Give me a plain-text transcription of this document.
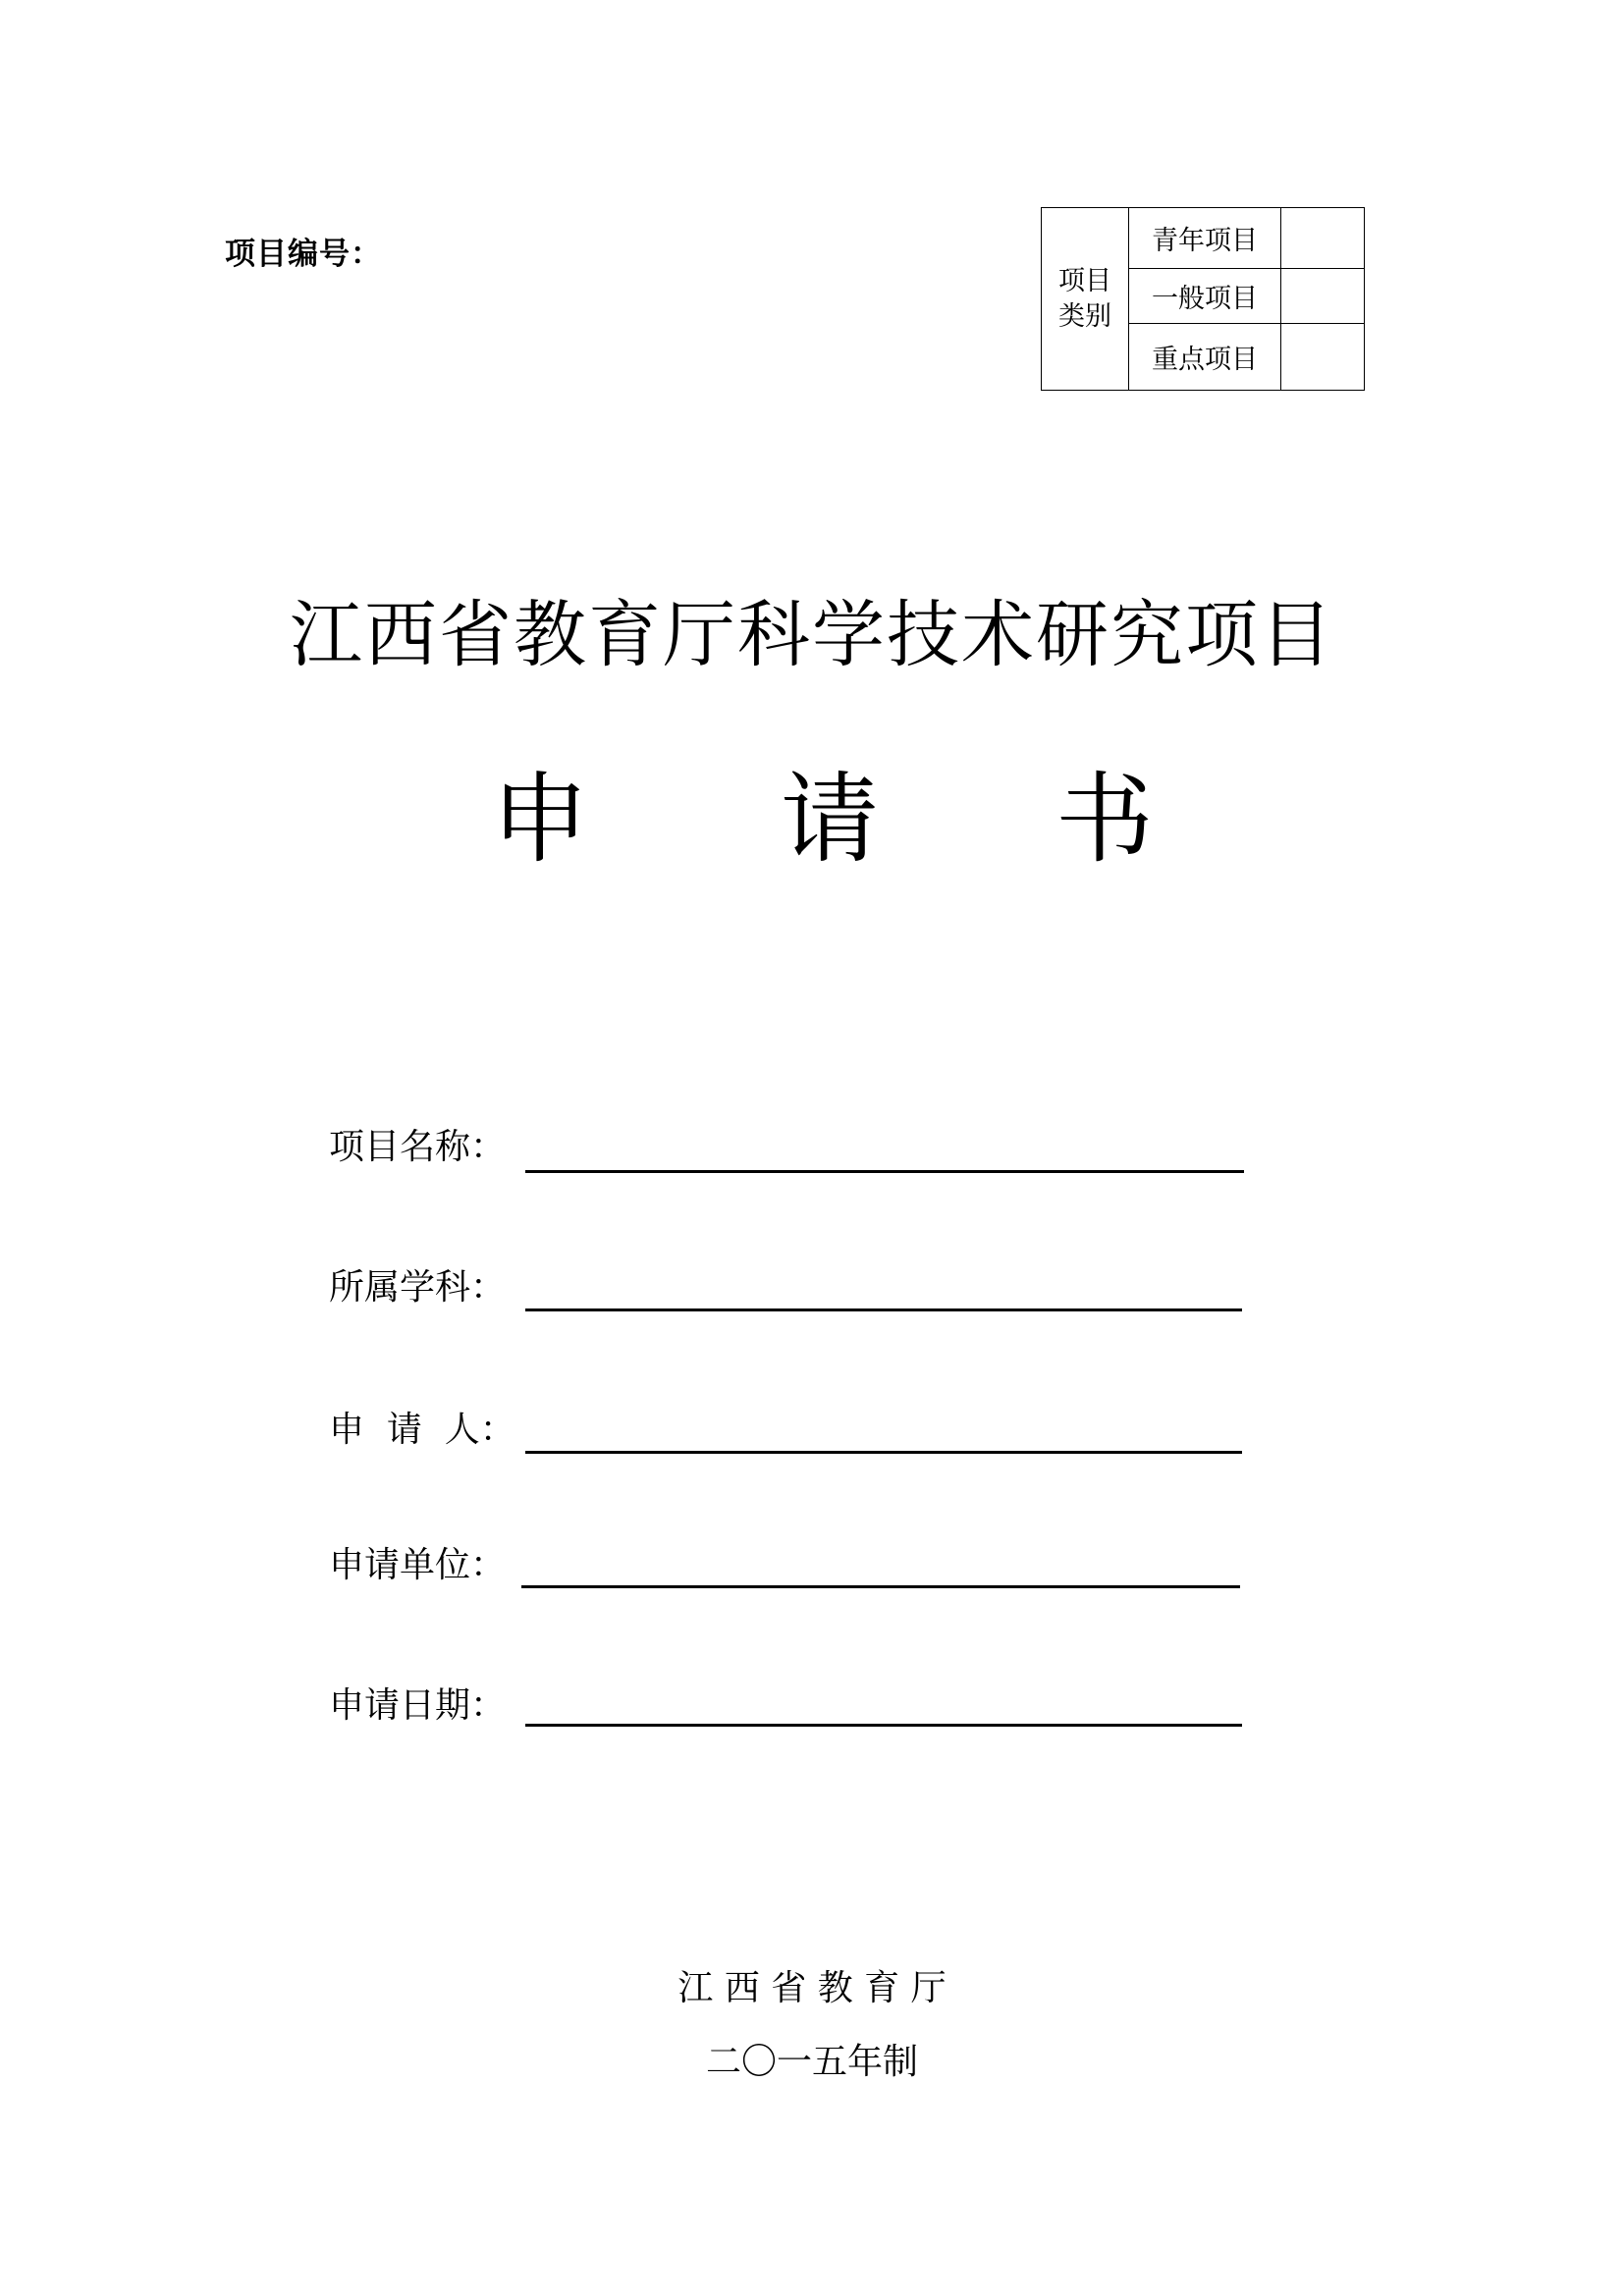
项目编号：
项目
类别	青年项目	
	一般项目	
	重点项目	
江西省教育厅科学技术研究项目
申 请 书
项目名称：
所属学科：
申  请  人：
申请单位：
申请日期：
江 西 省 教 育 厅
二〇一五年制
